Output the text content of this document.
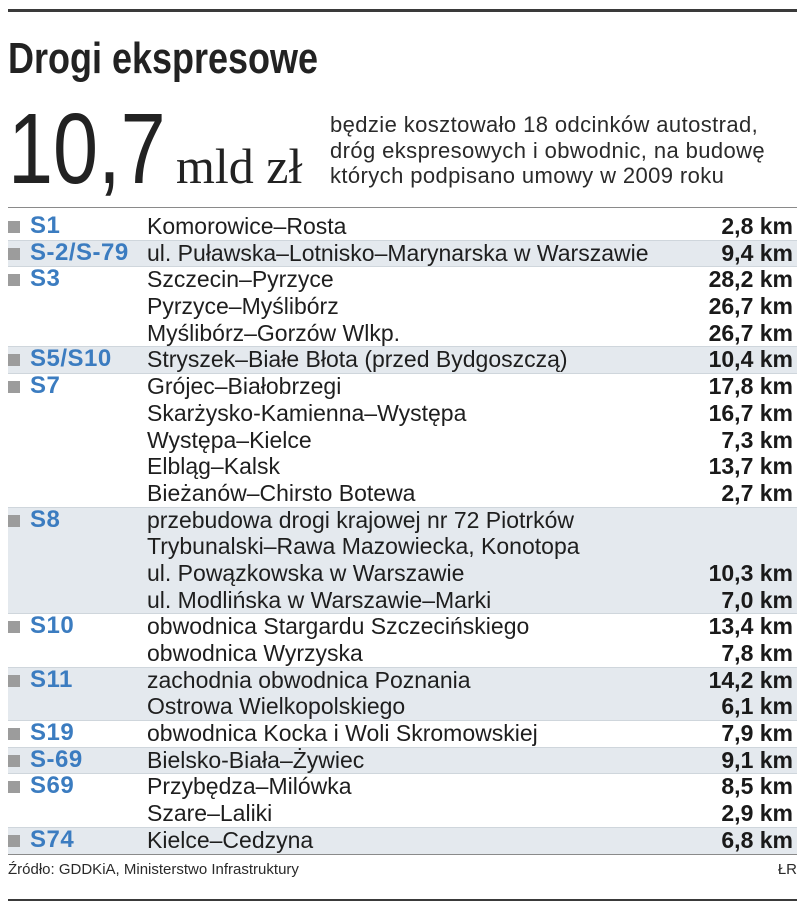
Drogi ekspresowe
10,7 mld zł
będzie kosztowało 18 odcinków autostrad,
dróg ekspresowych i obwodnic, na budowę
których podpisano umowy w 2009 roku
S1	Komorowice–Rosta	2,8 km
S-2/S-79 ul. Puławska–Lotnisko–Marynarska w Warszawie	9,4 km
S3	Szczecin–Pyrzyce	28,2 km
Pyrzyce–Myślibórz	26,7 km
Myślibórz–Gorzów Wlkp.	26,7 km
S5/S10 Stryszek–Białe Błota (przed Bydgoszczą)	10,4 km
S7	Grójec–Białobrzegi	17,8 km
Skarżysko-Kamienna–Występa	16,7 km
Występa–Kielce	7,3 km
Elbląg–Kalsk	13,7 km
Bieżanów–Chirsto Botewa	2,7 km
S8	przebudowa drogi krajowej nr 72 Piotrków
Trybunalski–Rawa Mazowiecka, Konotopa
ul. Powązkowska w Warszawie	10,3 km
ul. Modlińska w Warszawie–Marki	7,0 km
S10	obwodnica Stargardu Szczecińskiego	13,4 km
obwodnica Wyrzyska	7,8 km
S11	zachodnia obwodnica Poznania	14,2 km
Ostrowa Wielkopolskiego	6,1 km
S19	obwodnica Kocka i Woli Skromowskiej	7,9 km
S-69	Bielsko-Biała–Żywiec	9,1 km
S69	Przybędza–Milówka	8,5 km
Szare–Laliki	2,9 km
S74	Kielce–Cedzyna	6,8 km
Źródło: GDDKiA, Ministerstwo Infrastruktury	ŁR
